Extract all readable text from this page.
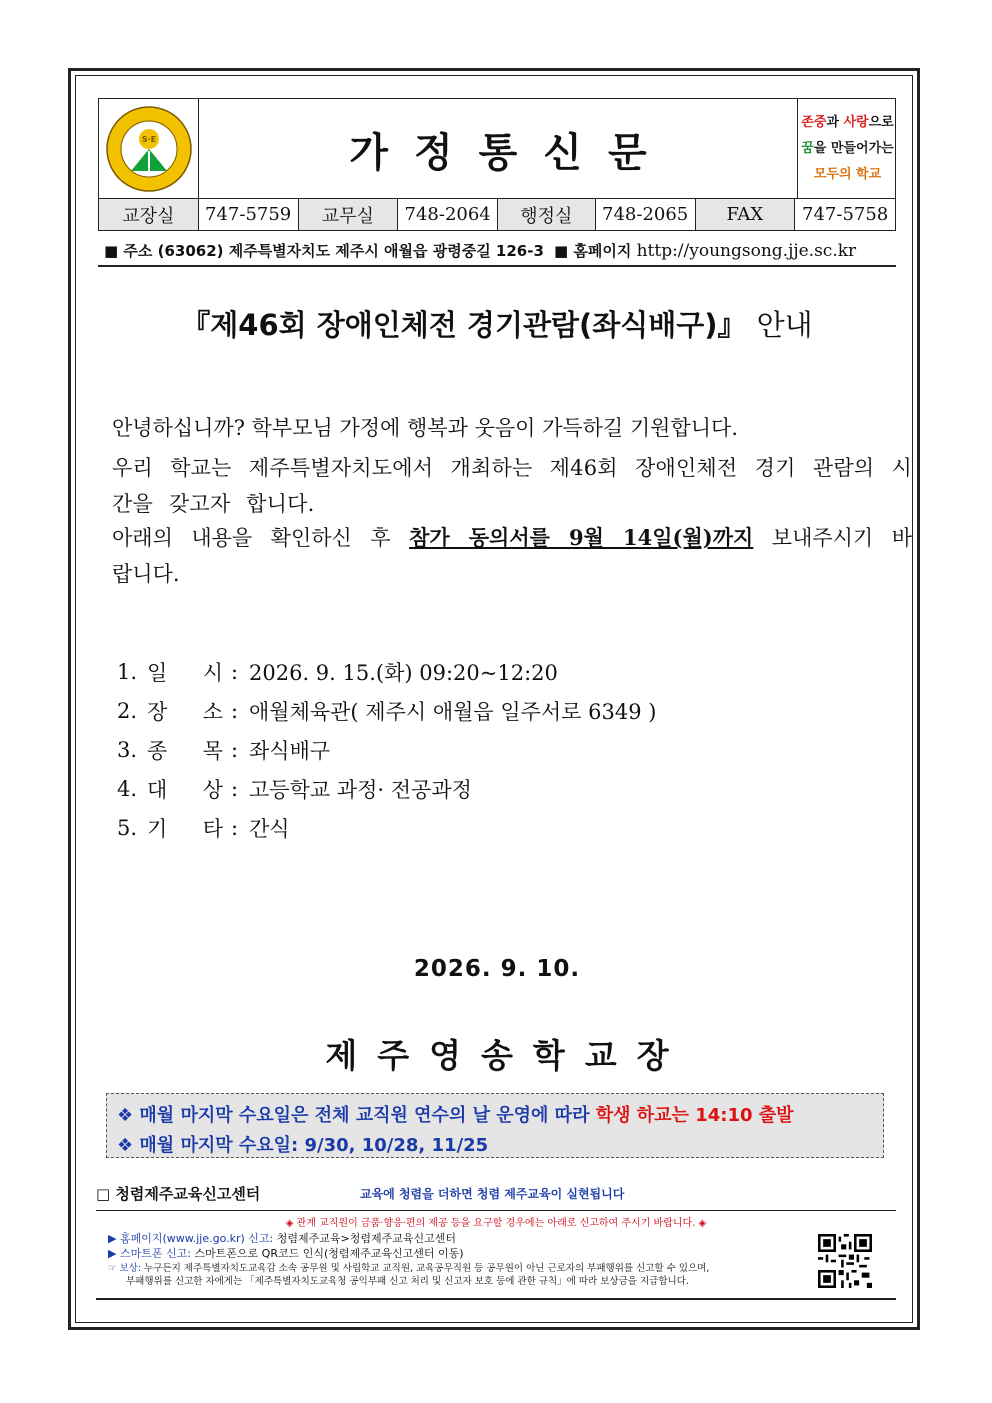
S·E	가정통신문
존중과 사랑으로
꿈을 만들어가는
모두의 학교
교장실	747-5759	교무실	748-2064	행정실	748-2065	FAX	747-5758
■ 주소 (63062) 제주특별자치도 제주시 애월읍 광령중길 126-3 ■ 홈페이지 http://youngsong.jje.sc.kr
『제46회 장애인체전 경기관람(좌식배구)』 안내
안녕하십니까? 학부모님 가정에 행복과 웃음이 가득하길 기원합니다.
우리 학교는 제주특별자치도에서 개최하는 제46회 장애인체전 경기 관람의 시간을 갖고자 합니다.
아래의 내용을 확인하신 후 참가 동의서를 9월 14일(월)까지 보내주시기 바랍니다.
1. 일 시 : 2026. 9. 15.(화) 09:20~12:20
2. 장 소 : 애월체육관( 제주시 애월읍 일주서로 6349 )
3. 종 목 : 좌식배구
4. 대 상 : 고등학교 과정· 전공과정
5. 기 타 : 간식
2026. 9. 10.
제주영송학교장
❖ 매월 마지막 수요일은 전체 교직원 연수의 날 운영에 따라 학생 하교는 14:10 출발
❖ 매월 마지막 수요일: 9/30, 10/28, 11/25
□ 청렴제주교육신고센터	교육에 청렴을 더하면 청렴 제주교육이 실현됩니다
◈ 관계 교직원이 금품·향응·편의 제공 등을 요구할 경우에는 아래로 신고하여 주시기 바랍니다. ◈
▶ 홈페이지(www.jje.go.kr) 신고: 청렴제주교육>청렴제주교육신고센터
▶ 스마트폰 신고: 스마트폰으로 QR코드 인식(청렴제주교육신고센터 이동)
☞ 보상: 누구든지 제주특별자치도교육감 소속 공무원 및 사립학교 교직원, 교육공무직원 등 공무원이 아닌 근로자의 부패행위를 신고할 수 있으며,
부패행위를 신고한 자에게는 「제주특별자치도교육청 공익부패 신고 처리 및 신고자 보호 등에 관한 규칙」에 따라 보상금을 지급합니다.
